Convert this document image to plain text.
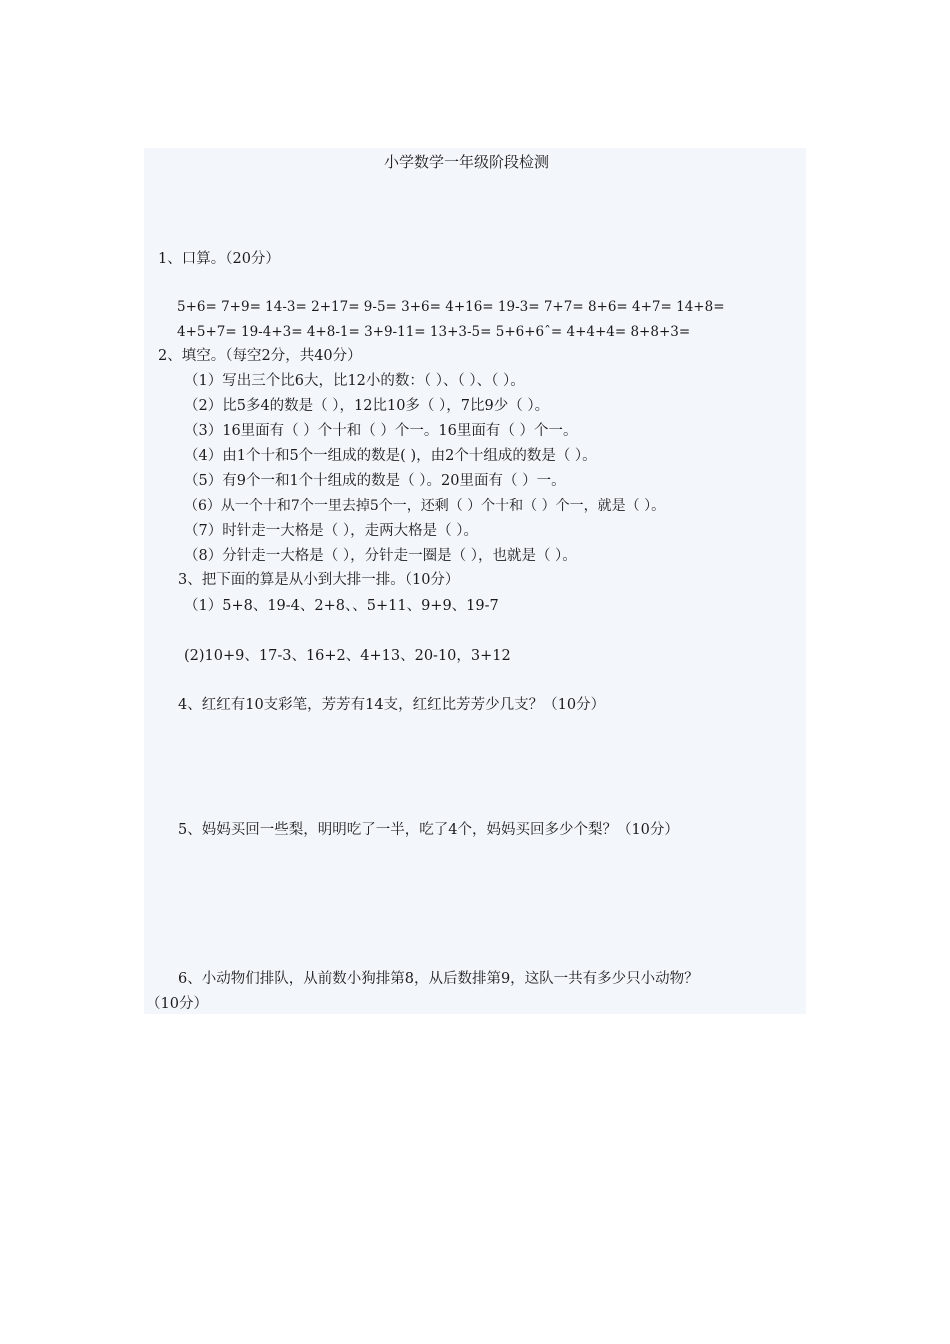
小学数学一年级阶段检测
1、口算。（20分）
5+6= 7+9= 14-3= 2+17= 9-5= 3+6= 4+16= 19-3= 7+7= 8+6= 4+7= 14+8=
4+5+7= 19-4+3= 4+8-1= 3+9-11= 13+3-5= 5+6+6ˆ= 4+4+4= 8+8+3=
2、填空。（每空2分，共40分）
（1）写出三个比6大，比12小的数：（ ）、（ ）、（ ）。
（2）比5多4的数是（ ），12比10多（ ），7比9少（ ）。
（3）16里面有（ ）个十和（ ）个一。16里面有（ ）个一。
（4）由1个十和5个一组成的数是( )，由2个十组成的数是（ ）。
（5）有9个一和1个十组成的数是（ ）。20里面有（ ）一。
（6）从一个十和7个一里去掉5个一，还剩（ ）个十和（ ）个一，就是（ ）。
（7）时针走一大格是（ ），走两大格是（ ）。
（8）分针走一大格是（ ），分针走一圈是（ ），也就是（ ）。
3、把下面的算是从小到大排一排。（10分）
（1）5+8、19-4、2+8、、5+11、9+9、19-7
(2)10+9、17-3、16+2、4+13、20-10，3+12
4、红红有10支彩笔，芳芳有14支，红红比芳芳少几支？（10分）
5、妈妈买回一些梨，明明吃了一半，吃了4个，妈妈买回多少个梨？（10分）
6、小动物们排队，从前数小狗排第8，从后数排第9，这队一共有多少只小动物？
（10分）
